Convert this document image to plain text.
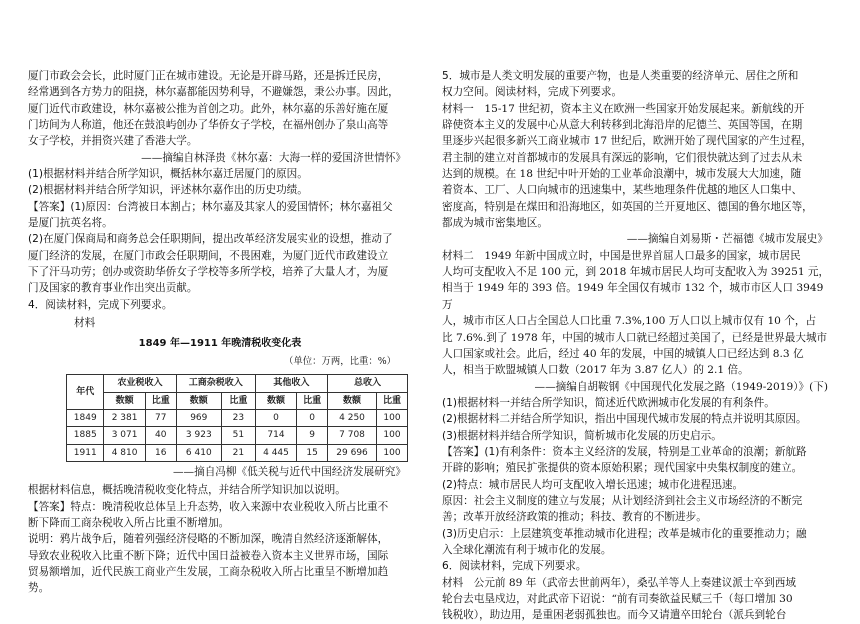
厦门市政会会长，此时厦门正在城市建设。无论是开辟马路，还是拆迁民房，

经常遇到各方势力的阻挠，林尔嘉都能因势利导，不避嫌怨，秉公办事。因此，

厦门近代市政建设，林尔嘉被公推为首创之功。此外，林尔嘉的乐善好施在厦

门坊间为人称道，他还在鼓浪屿创办了华侨女子学校，在福州创办了泉山高等

女子学校，并捐资兴建了香港大学。

——摘编自林泽贵《林尔嘉：大海一样的爱国济世情怀》

(1)根据材料并结合所学知识，概括林尔嘉迁居厦门的原因。

(2)根据材料并结合所学知识，评述林尔嘉作出的历史功绩。

【答案】(1)原因：台湾被日本割占；林尔嘉及其家人的爱国情怀；林尔嘉祖父

是厦门抗英名将。

(2)在厦门保商局和商务总会任职期间，提出改革经济发展实业的设想，推动了

厦门经济的发展，在厦门市政会任职期间，不畏困难，为厦门近代市政建设立

下了汗马功劳；创办或资助华侨女子学校等多所学校，培养了大量人才，为厦

门及国家的教育事业作出突出贡献。

4．阅读材料，完成下列要求。

材料
1849 年—1911 年晚清税收变化表
（单位：万两，比重：%）
年代	农业税收入		工商杂税收入		其他收入		总收入	
	数额	比重	数额	比重	数额	比重	数额	比重
1849	2 381	77	969	23	0	0	4 250	100
1885	3 071	40	3 923	51	714	9	7 708	100
1911	4 810	16	6 410	21	4 445	15	29 696	100

——摘自冯柳《低关税与近代中国经济发展研究》

根据材料信息，概括晚清税收变化特点，并结合所学知识加以说明。

【答案】特点：晚清税收总体呈上升态势，收入来源中农业税收入所占比重不

断下降而工商杂税收入所占比重不断增加。

说明：鸦片战争后，随着列强经济侵略的不断加深，晚清自然经济逐渐解体，

导致农业税收入比重不断下降；近代中国日益被卷入资本主义世界市场，国际

贸易额增加，近代民族工商业产生发展，工商杂税收入所占比重呈不断增加趋

势。

5．城市是人类文明发展的重要产物，也是人类重要的经济单元、居住之所和

权力空间。阅读材料，完成下列要求。

材料一　15-17 世纪初，资本主义在欧洲一些国家开始发展起来。新航线的开

辟使资本主义的发展中心从意大利转移到北海沿岸的尼德兰、英国等国，在期

里逐步兴起很多新兴工商业城市 17 世纪后，欧洲开始了现代国家的产生过程，

君主制的建立对首都城市的发展具有深远的影响，它们很快就达到了过去从未

达到的规模。在 18 世纪中叶开始的工业革命浪潮中，城市发展大大加速，随

着资本、工厂、人口向城市的迅速集中，某些地理条件优越的地区人口集中、

密度高，特别是在煤田和沿海地区，如英国的兰开夏地区、德国的鲁尔地区等，

都成为城市密集地区。

——摘编自刘易斯・芒福德《城市发展史》

材料二　1949 年新中国成立时，中国是世界首屈人口最多的国家，城市居民

人均可支配收入不足 100 元，到 2018 年城市居民人均可支配收入为 39251 元，

相当于 1949 年的 393 倍。1949 年全国仅有城市 132 个，城市市区人口 3949 万

人，城市市区人口占全国总人口比重 7.3%,100 万人口以上城市仅有 10 个，占

比 7.6%.到了 1978 年，中国的城市人口就已经超过美国了，已经是世界最大城市

人口国家或社会。此后，经过 40 年的发展，中国的城镇人口已经达到 8.3 亿

人，相当于欧盟城镇人口数（2017 年为 3.87 亿人）的 2.1 倍。

——摘编自胡鞍钢《中国现代化发展之路（1949-2019）》(下)

(1)根据材料一并结合所学知识，简述近代欧洲城市化发展的有利条件。

(2)根据材料二并结合所学知识，指出中国现代城市发展的特点并说明其原因。

(3)根据材料并结合所学知识，简析城市化发展的历史启示。

【答案】(1)有利条件：资本主义经济的发展，特别是工业革命的浪潮；新航路

开辟的影响；殖民扩张提供的资本原始积累；现代国家中央集权制度的建立。

(2)特点：城市居民人均可支配收入增长迅速；城市化进程迅速。

原因：社会主义制度的建立与发展；从计划经济到社会主义市场经济的不断完

善；改革开放经济政策的推动；科技、教育的不断进步。

(3)历史启示：上层建筑变革推动城市化进程；改革是城市化的重要推动力；融

入全球化潮流有利于城市化的发展。

6．阅读材料，完成下列要求。

材料　公元前 89 年（武帝去世前两年），桑弘羊等人上奏建议派士卒到西域

轮台去屯垦戍边，对此武帝下诏说：“前有司奏欲益民赋三千（每口增加 30

钱税收），助边用，是重困老弱孤独也。而今又请遣卒田轮台（派兵到轮台
